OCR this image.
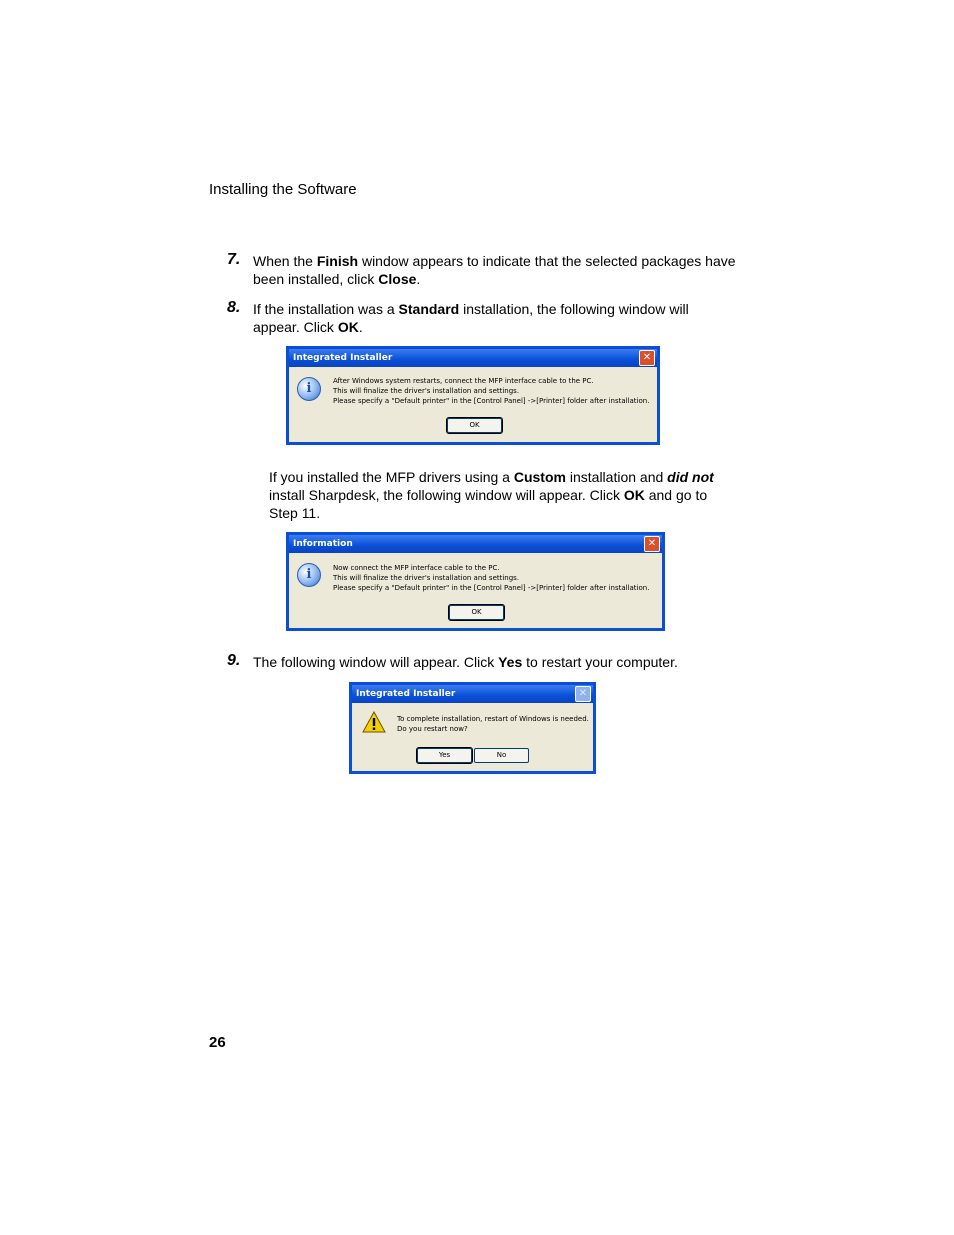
Installing the Software
7. When the Finish window appears to indicate that the selected packages have
been installed, click Close.
8. If the installation was a Standard installation, the following window will
appear. Click OK.
Integrated Installer	✕
i	After Windows system restarts, connect the MFP interface cable to the PC.
This will finalize the driver's installation and settings.
Please specify a "Default printer" in the [Control Panel] ->[Printer] folder after installation.
OK
If you installed the MFP drivers using a Custom installation and did not
install Sharpdesk, the following window will appear. Click OK and go to
Step 11.
Information	✕
i	Now connect the MFP interface cable to the PC.
This will finalize the driver's installation and settings.
Please specify a "Default printer" in the [Control Panel] ->[Printer] folder after installation.
OK
9. The following window will appear. Click Yes to restart your computer.
Integrated Installer	✕
To complete installation, restart of Windows is needed.
Do you restart now?
Yes	No
26
